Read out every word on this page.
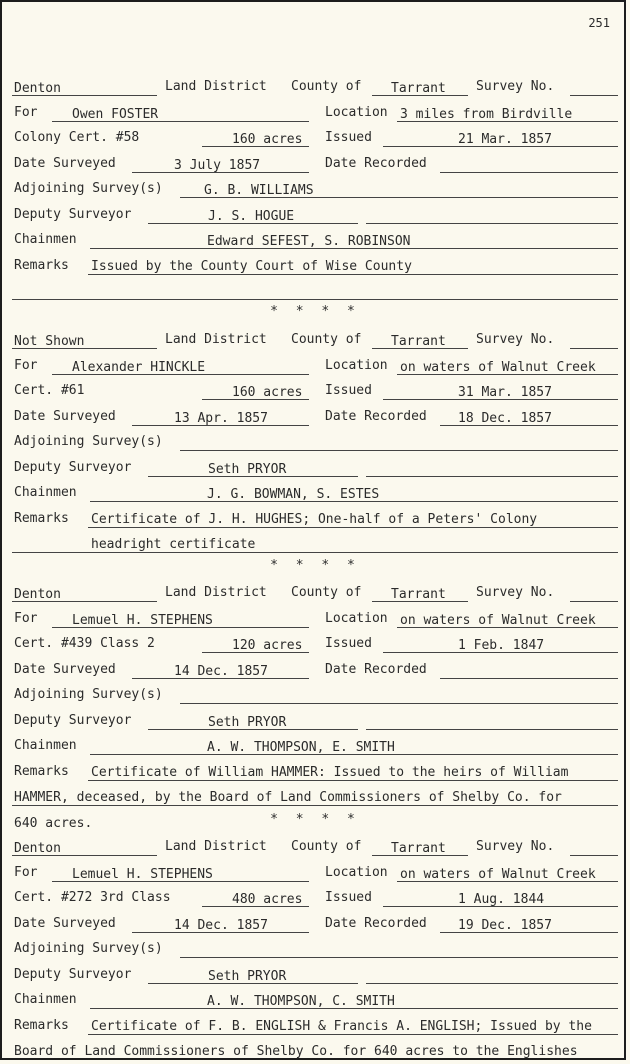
251
Denton	Land District County of Tarrant Survey No.
For	Owen FOSTER	Location 3 miles from Birdville
Colony Cert. #58	160 acres Issued	21 Mar. 1857
Date Surveyed	3 July 1857	Date Recorded
Adjoining Survey(s)	G. B. WILLIAMS
Deputy Surveyor	J. S. HOGUE
Chainmen	Edward SEFEST, S. ROBINSON
Remarks Issued by the County Court of Wise County
Not Shown	Land District County of Tarrant Survey No.
For	Alexander HINCKLE	Location on waters of Walnut Creek
Cert. #61	160 acres Issued	31 Mar. 1857
Date Surveyed	13 Apr. 1857	Date Recorded 18 Dec. 1857
Adjoining Survey(s)
Deputy Surveyor	Seth PRYOR
Chainmen	J. G. BOWMAN, S. ESTES
Remarks Certificate of J. H. HUGHES; One-half of a Peters' Colony
headright certificate
Denton	Land District County of Tarrant Survey No.
For	Lemuel H. STEPHENS	Location on waters of Walnut Creek
Cert. #439 Class 2	120 acres Issued	1 Feb. 1847
Date Surveyed	14 Dec. 1857	Date Recorded
Adjoining Survey(s)
Deputy Surveyor	Seth PRYOR
Chainmen	A. W. THOMPSON, E. SMITH
Remarks Certificate of William HAMMER: Issued to the heirs of William
HAMMER, deceased, by the Board of Land Commissioners of Shelby Co. for
640 acres.
Denton	Land District County of Tarrant Survey No.
For	Lemuel H. STEPHENS	Location on waters of Walnut Creek
Cert. #272 3rd Class	480 acres Issued	1 Aug. 1844
Date Surveyed	14 Dec. 1857	Date Recorded 19 Dec. 1857
Adjoining Survey(s)
Deputy Surveyor	Seth PRYOR
Chainmen	A. W. THOMPSON, C. SMITH
Remarks Certificate of F. B. ENGLISH & Francis A. ENGLISH; Issued by the
Board of Land Commissioners of Shelby Co. for 640 acres to the Englishes
* * * *
* * * *
* * * *
